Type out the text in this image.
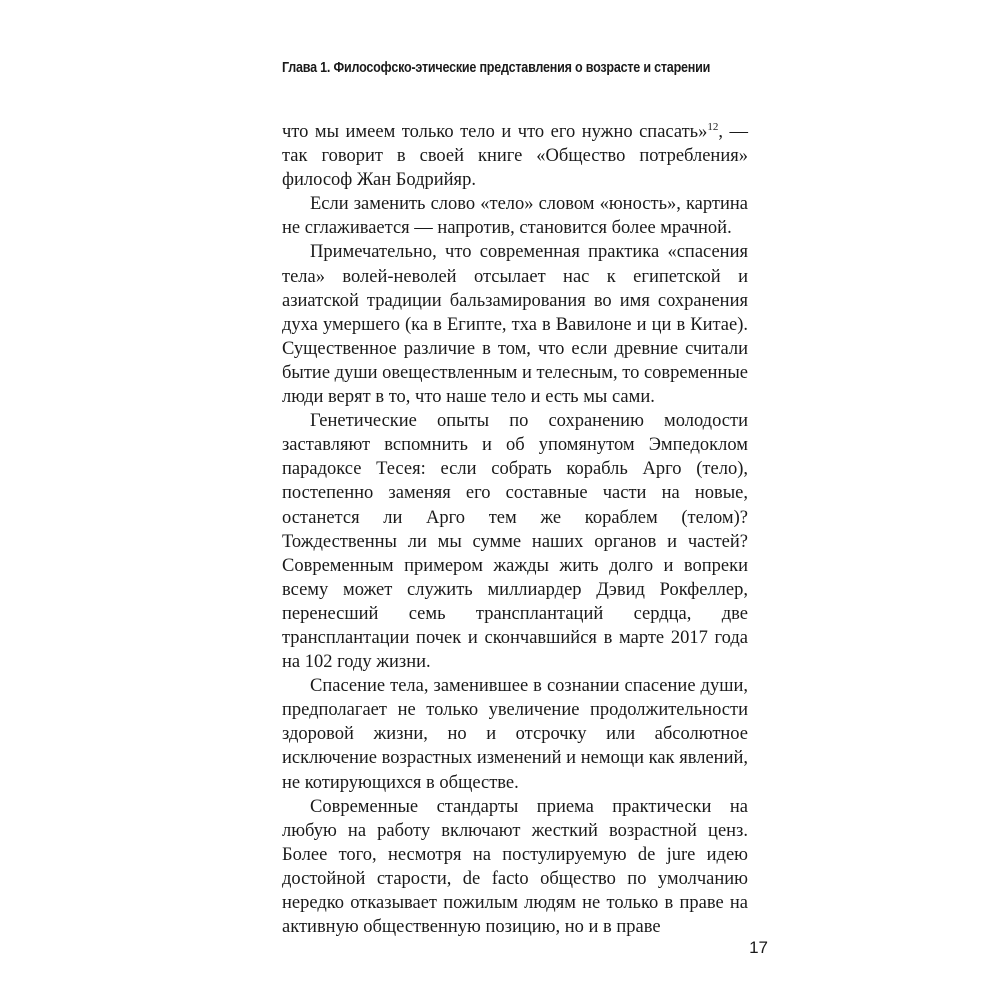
Глава 1. Философско-этические представления о возрасте и старении

что мы имеем только тело и что его нужно спасать»$^{12}$, — так говорит в своей книге «Общество потребления» философ Жан Бодрийяр.

Если заменить слово «тело» словом «юность», картина не сглаживается — напротив, становится более мрачной.

Примечательно, что современная практика «спасения тела» волей-неволей отсылает нас к египетской и азиатской традиции бальзамирования во имя сохранения духа умершего (ка в Египте, тха в Вавилоне и ци в Китае). Существенное различие в том, что если древние считали бытие души овеществленным и телесным, то современные люди верят в то, что наше тело и есть мы сами.

Генетические опыты по сохранению молодости заставляют вспомнить и об упомянутом Эмпедоклом парадоксе Тесея: если собрать корабль Арго (тело), постепенно заменяя его составные части на новые, останется ли Арго тем же кораблем (телом)? Тождественны ли мы сумме наших органов и частей? Современным примером жажды жить долго и вопреки всему может служить миллиардер Дэвид Рокфеллер, перенесший семь трансплантаций сердца, две трансплантации почек и скончавшийся в марте 2017 года на 102 году жизни.

Спасение тела, заменившее в сознании спасение души, предполагает не только увеличение продолжительности здоровой жизни, но и отсрочку или абсолютное исключение возрастных изменений и немощи как явлений, не котирующихся в обществе.

Современные стандарты приема практически на любую на работу включают жесткий возрастной ценз. Более того, несмотря на постулируемую de jure идею достойной старости, de facto общество по умолчанию нередко отказывает пожилым людям не только в праве на активную общественную позицию, но и в праве

17
